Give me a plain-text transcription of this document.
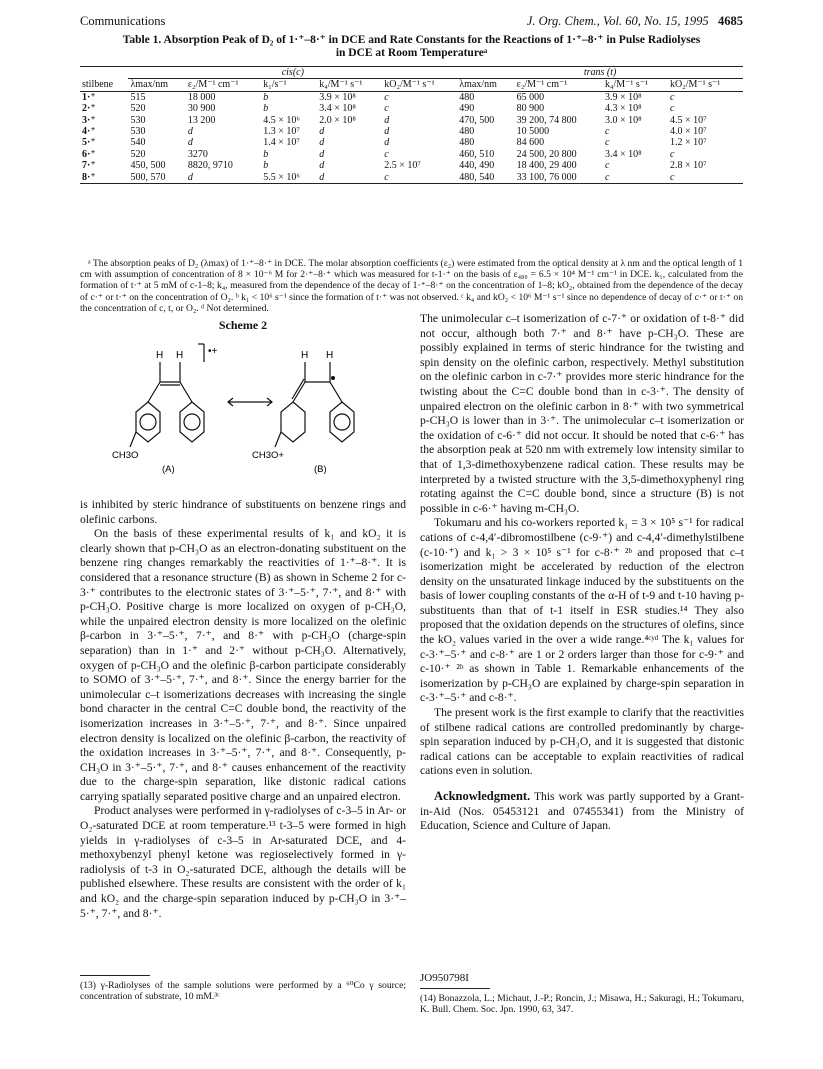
Communications	J. Org. Chem., Vol. 60, No. 15, 1995 4685
Table 1. Absorption Peak of D₂ of 1·⁺–8·⁺ in DCE and Rate Constants for the Reactions of 1·⁺–8·⁺ in Pulse Radiolyses
in DCE at Room Temperatureᵃ
	cis(c)					trans (t)			
stilbene	λmax/nm	ε₂/M⁻¹ cm⁻¹	k₁/s⁻¹	k₄/M⁻¹ s⁻¹	kO₂/M⁻¹ s⁻¹	λmax/nm	ε₂/M⁻¹ cm⁻¹	k₄/M⁻¹ s⁻¹	kO₂/M⁻¹ s⁻¹
1·⁺	515	18 000	b	3.9 × 10⁸	c	480	65 000	3.9 × 10⁸	c
2·⁺	520	30 900	b	3.4 × 10⁸	c	490	80 900	4.3 × 10⁸	c
3·⁺	530	13 200	4.5 × 10⁶	2.0 × 10⁸	d	470, 500	39 200, 74 800	3.0 × 10⁸	4.5 × 10⁷
4·⁺	530	d	1.3 × 10⁷	d	d	480	10 5000	c	4.0 × 10⁷
5·⁺	540	d	1.4 × 10⁷	d	d	480	84 600	c	1.2 × 10⁷
6·⁺	520	3270	b	d	c	460, 510	24 500, 20 800	3.4 × 10⁸	c
7·⁺	450, 500	8820, 9710	b	d	2.5 × 10⁷	440, 490	18 400, 29 400	c	2.8 × 10⁷
8·⁺	500, 570	d	5.5 × 10⁶	d	c	480, 540	33 100, 76 000	c	c
ᵃ The absorption peaks of D₂ (λmax) of 1·⁺–8·⁺ in DCE. The molar absorption coefficients (ε₂) were estimated from the optical density at λ nm and the optical length of 1 cm with assumption of concentration of 8 × 10⁻⁶ M for 2·⁺–8·⁺ which was measured for t-1·⁺ on the basis of ε₄₈₀ = 6.5 × 10⁴ M⁻¹ cm⁻¹ in DCE. k₁, calculated from the formation of t·⁺ at 5 mM of c-1–8; k₄, measured from the dependence of the decay of 1·⁺–8·⁺ on the concentration of 1–8; kO₂, obtained from the dependence of the decay of c·⁺ or t·⁺ on the concentration of O₂. ᵇ k₁ < 10⁶ s⁻¹ since the formation of t·⁺ was not observed. ᶜ k₄ and kO₂ < 10⁶ M⁻¹ s⁻¹ since no dependence of decay of c·⁺ or t·⁺ on the concentration of c, t, or O₂. ᵈ Not determined.
Scheme 2
H H •+	H H
CH3O	CH3O+
(A)	(B)

is inhibited by steric hindrance of substituents on benzene rings and olefinic carbons.

On the basis of these experimental results of k₁ and kO₂ it is clearly shown that p-CH₃O as an electron-donating substituent on the benzene ring changes remarkably the reactivities of 1·⁺–8·⁺. It is considered that a resonance structure (B) as shown in Scheme 2 for c-3·⁺ contributes to the electronic states of 3·⁺–5·⁺, 7·⁺, and 8·⁺ with p-CH₃O. Positive charge is more localized on oxygen of p-CH₃O, while the unpaired electron density is more localized on the olefinic β-carbon in 3·⁺–5·⁺, 7·⁺, and 8·⁺ with p-CH₃O (charge-spin separation) than in 1·⁺ and 2·⁺ without p-CH₃O. Alternatively, oxygen of p-CH₃O and the olefinic β-carbon participate considerably to SOMO of 3·⁺–5·⁺, 7·⁺, and 8·⁺. Since the energy barrier for the unimolecular c–t isomerizations decreases with increasing the single bond character in the central C=C double bond, the reactivity of the isomerization increases in 3·⁺–5·⁺, 7·⁺, and 8·⁺. Since unpaired electron density is localized on the olefinic β-carbon, the reactivity of the oxidation increases in 3·⁺–5·⁺, 7·⁺, and 8·⁺. Consequently, p-CH₃O in 3·⁺–5·⁺, 7·⁺, and 8·⁺ causes enhancement of the reactivity due to the charge-spin separation, like distonic radical cations carrying spatially separated positive charge and an unpaired electron.

Product analyses were performed in γ-radiolyses of c-3–5 in Ar- or O₂-saturated DCE at room temperature.¹³ t-3–5 were formed in high yields in γ-radiolyses of c-3–5 in Ar-saturated DCE, and 4-methoxybenzyl phenyl ketone was regioselectively formed in γ-radiolysis of t-3 in O₂-saturated DCE, although the details will be published elsewhere. These results are consistent with the order of k₁ and kO₂ and the charge-spin separation induced by p-CH₃O in 3·⁺–5·⁺, 7·⁺, and 8·⁺.

The unimolecular c–t isomerization of c-7·⁺ or oxidation of t-8·⁺ did not occur, although both 7·⁺ and 8·⁺ have p-CH₃O. These are possibly explained in terms of steric hindrance for the twisting and spin density on the olefinic carbon, respectively. Methyl substitution on the olefinic carbon in c-7·⁺ provides more steric hindrance for the twisting about the C=C double bond than in c-3·⁺. The density of unpaired electron on the olefinic carbon in 8·⁺ with two symmetrical p-CH₃O is lower than in 3·⁺. The unimolecular c–t isomerization or the oxidation of c-6·⁺ did not occur. It should be noted that c-6·⁺ has the absorption peak at 520 nm with extremely low intensity similar to that of 1,3-dimethoxybenzene radical cation. These results may be interpreted by a twisted structure with the 3,5-dimethoxyphenyl ring rotating against the C=C double bond, since a structure (B) is not possible in c-6·⁺ having m-CH₃O.

Tokumaru and his co-workers reported k₁ = 3 × 10⁵ s⁻¹ for radical cations of c-4,4′-dibromostilbene (c-9·⁺) and c-4,4′-dimethylstilbene (c-10·⁺) and k₁ > 3 × 10⁵ s⁻¹ for c-8·⁺ ²ᵇ and proposed that c–t isomerization might be accelerated by reduction of the electron density on the unsaturated linkage induced by the substituents on the basis of lower coupling constants of the α-H of t-9 and t-10 having p-substituents than that of t-1 itself in ESR studies.¹⁴ They also proposed that the oxidation depends on the structures of olefins, since the kO₂ values varied in the over a wide range.⁴ᶜʸᵈ The k₁ values for c-3·⁺–5·⁺ and c-8·⁺ are 1 or 2 orders larger than those for c-9·⁺ and c-10·⁺ ²ᵇ as shown in Table 1. Remarkable enhancements of the isomerization by p-CH₃O are explained by charge-spin separation in c-3·⁺–5·⁺ and c-8·⁺.

The present work is the first example to clarify that the reactivities of stilbene radical cations are controlled predominantly by charge-spin separation induced by p-CH₃O, and it is suggested that distonic radical cations can be acceptable to explain reactivities of radical cations even in solution.

Acknowledgment. This work was partly supported by a Grant-in-Aid (Nos. 05453121 and 07455341) from the Ministry of Education, Science and Culture of Japan.

(13) γ-Radiolyses of the sample solutions were performed by a ⁶⁰Co γ source; concentration of substrate, 10 mM.³ᶜ
JO950798I
(14) Bonazzola, L.; Michaut, J.-P.; Roncin, J.; Misawa, H.; Sakuragi, H.; Tokumaru, K. Bull. Chem. Soc. Jpn. 1990, 63, 347.
